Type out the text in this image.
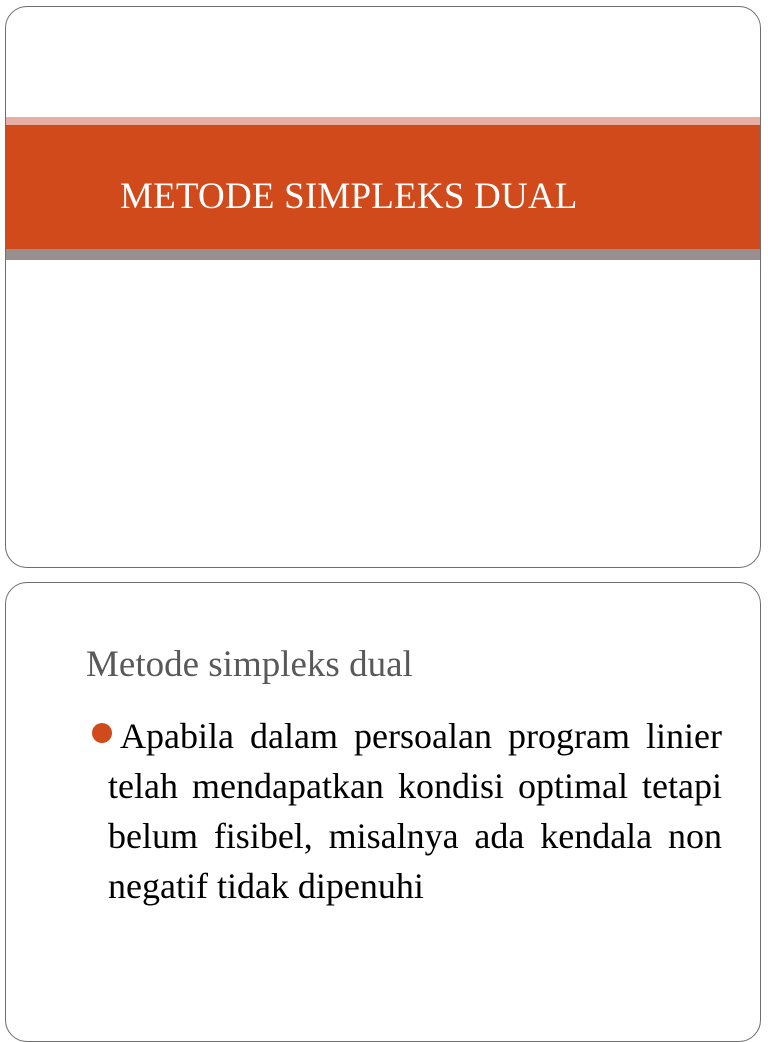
METODE SIMPLEKS DUAL
Metode simpleks dual

Apabila dalam persoalan program linier telah mendapatkan kondisi optimal tetapi belum fisibel, misalnya ada kendala non negatif tidak dipenuhi
